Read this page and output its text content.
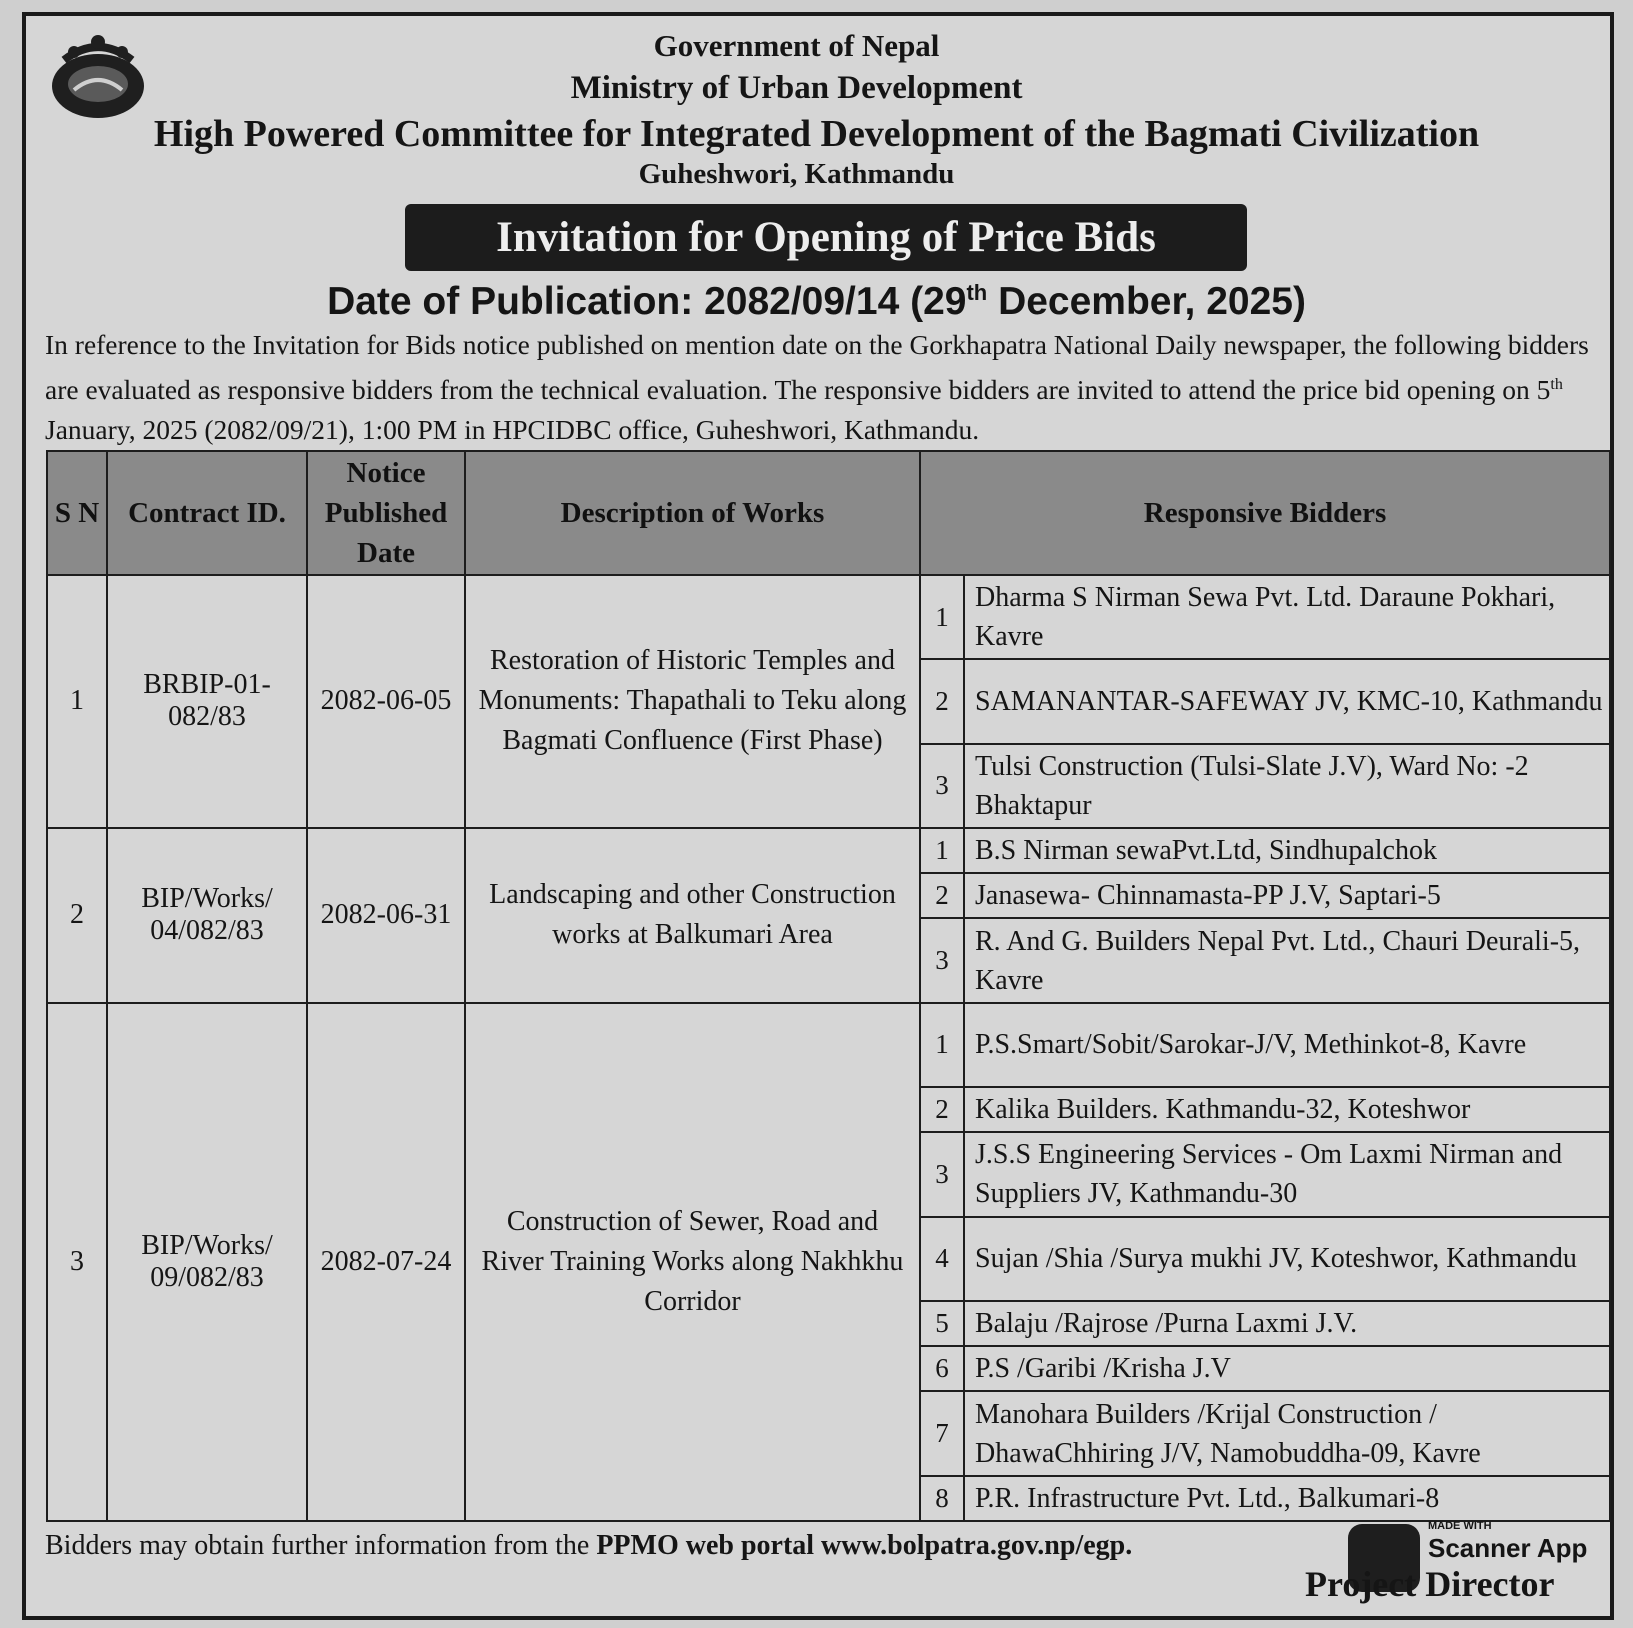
Government of Nepal
Ministry of Urban Development
High Powered Committee for Integrated Development of the Bagmati Civilization
Guheshwori, Kathmandu
Invitation for Opening of Price Bids
Date of Publication: 2082/09/14 (29th December, 2025)
In reference to the Invitation for Bids notice published on mention date on the Gorkhapatra National Daily newspaper, the following bidders are evaluated as responsive bidders from the technical evaluation. The responsive bidders are invited to attend the price bid opening on 5th January, 2025 (2082/09/21), 1:00 PM in HPCIDBC office, Guheshwori, Kathmandu.
S N	Contract ID.	Notice Published Date	Description of Works	Responsive Bidders	
1	BRBIP-01-082/83	2082-06-05	Restoration of Historic Temples and Monuments: Thapathali to Teku along Bagmati Confluence (First Phase)	1	Dharma S Nirman Sewa Pvt. Ltd. Daraune Pokhari, Kavre
				2	SAMANANTAR-SAFEWAY JV, KMC-10, Kathmandu
				3	Tulsi Construction (Tulsi-Slate J.V), Ward No: -2 Bhaktapur
2	BIP/Works/ 04/082/83	2082-06-31	Landscaping and other Construction works at Balkumari Area	1	B.S Nirman sewaPvt.Ltd, Sindhupalchok
				2	Janasewa- Chinnamasta-PP J.V, Saptari-5
				3	R. And G. Builders Nepal Pvt. Ltd., Chauri Deurali-5, Kavre
3	BIP/Works/ 09/082/83	2082-07-24	Construction of Sewer, Road and River Training Works along Nakhkhu Corridor	1	P.S.Smart/Sobit/Sarokar-J/V, Methinkot-8, Kavre
				2	Kalika Builders. Kathmandu-32, Koteshwor
				3	J.S.S Engineering Services - Om Laxmi Nirman and Suppliers JV, Kathmandu-30
				4	Sujan /Shia /Surya mukhi JV, Koteshwor, Kathmandu
				5	Balaju /Rajrose /Purna Laxmi J.V.
				6	P.S /Garibi /Krisha J.V
				7	Manohara Builders /Krijal Construction / DhawaChhiring J/V, Namobuddha-09, Kavre
				8	P.R. Infrastructure Pvt. Ltd., Balkumari-8
Bidders may obtain further information from the PPMO web portal www.bolpatra.gov.np/egp.
MADE WITH
Scanner App
Project Director
